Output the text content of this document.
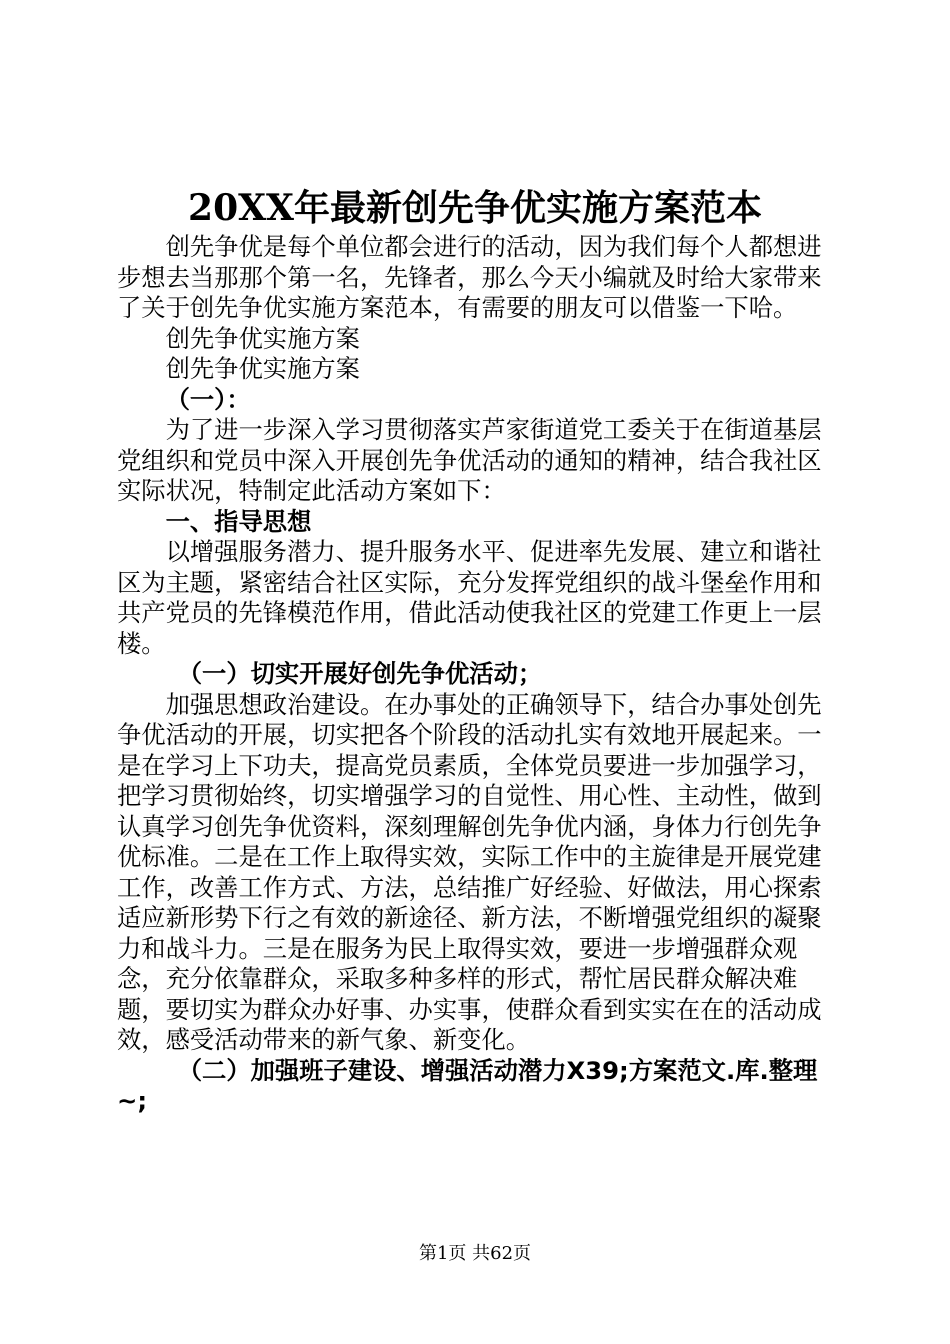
20XX年最新创先争优实施方案范本

创先争优是每个单位都会进行的活动，因为我们每个人都想进步想去当那那个第一名，先锋者，那么今天小编就及时给大家带来了关于创先争优实施方案范本，有需要的朋友可以借鉴一下哈。

创先争优实施方案

创先争优实施方案

（一）：

为了进一步深入学习贯彻落实芦家街道党工委关于在街道基层党组织和党员中深入开展创先争优活动的通知的精神，结合我社区实际状况，特制定此活动方案如下：

一、指导思想

以增强服务潜力、提升服务水平、促进率先发展、建立和谐社区为主题，紧密结合社区实际，充分发挥党组织的战斗堡垒作用和共产党员的先锋模范作用，借此活动使我社区的党建工作更上一层楼。

（一）切实开展好创先争优活动；

加强思想政治建设。在办事处的正确领导下，结合办事处创先争优活动的开展，切实把各个阶段的活动扎实有效地开展起来。一是在学习上下功夫，提高党员素质，全体党员要进一步加强学习，把学习贯彻始终，切实增强学习的自觉性、用心性、主动性，做到认真学习创先争优资料，深刻理解创先争优内涵，身体力行创先争优标准。二是在工作上取得实效，实际工作中的主旋律是开展党建工作，改善工作方式、方法，总结推广好经验、好做法，用心探索适应新形势下行之有效的新途径、新方法，不断增强党组织的凝聚力和战斗力。三是在服务为民上取得实效，要进一步增强群众观念，充分依靠群众，采取多种多样的形式，帮忙居民群众解决难题，要切实为群众办好事、办实事，使群众看到实实在在的活动成效，感受活动带来的新气象、新变化。

（二）加强班子建设、增强活动潜力X39;方案范文.库.整理~;

第1页 共62页
